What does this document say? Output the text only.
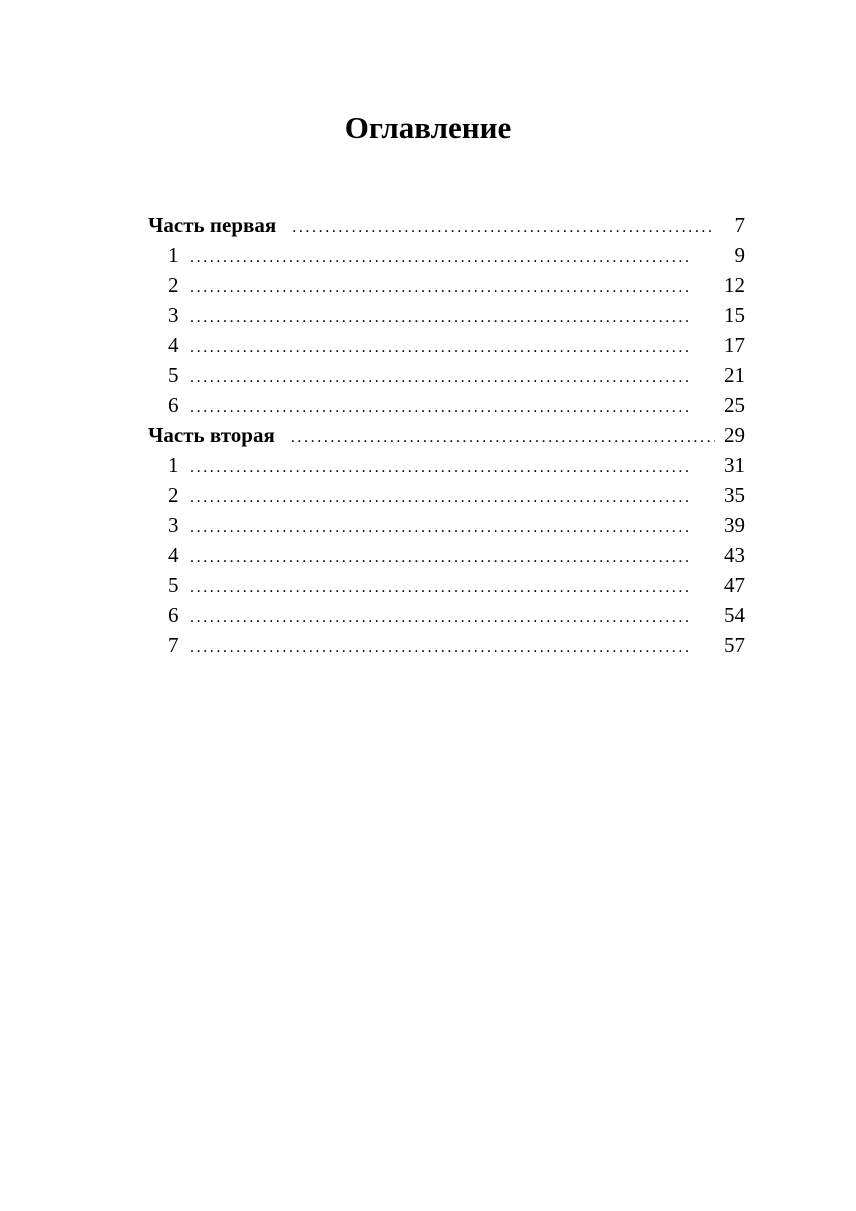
Оглавление
Часть первая . . .	7
1 . . .	9
2 . . .	12
3 . . .	15
4 . . .	17
5 . . .	21
6 . . .	25
Часть вторая . . .	29
1 . . .	31
2 . . .	35
3 . . .	39
4 . . .	43
5 . . .	47
6 . . .	54
7 . . .	57
